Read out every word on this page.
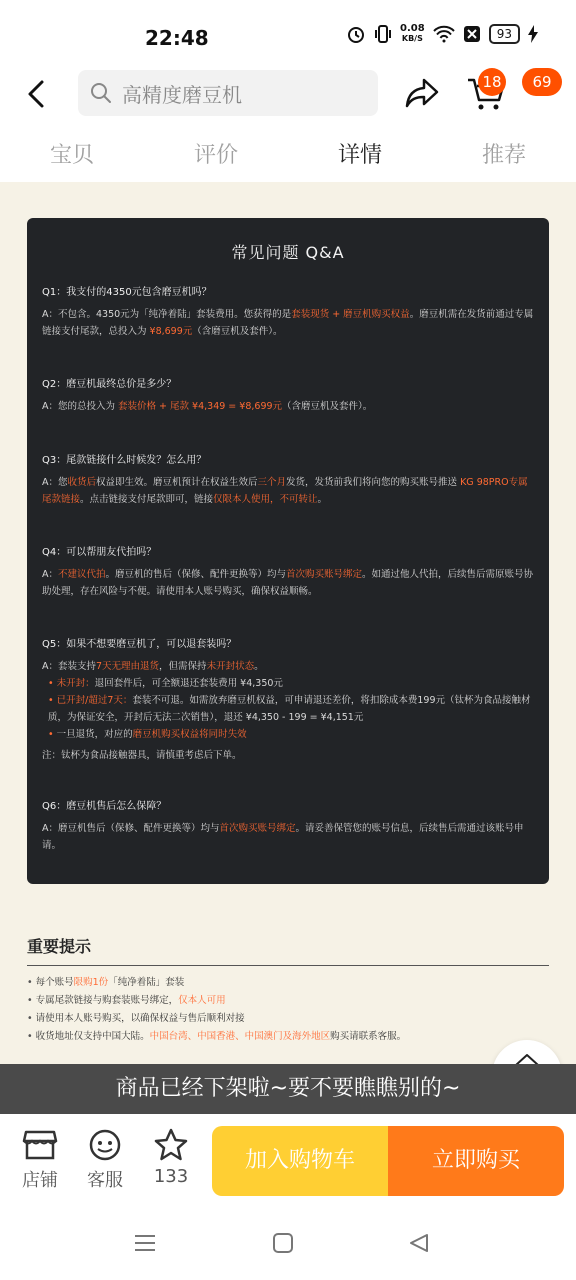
22:48	0.08
KB/S	93
高精度磨豆机
18	69
宝贝	评价	详情	推荐
常见问题 Q&A
Q1：我支付的4350元包含磨豆机吗？
A：不包含。4350元为「纯净着陆」套装费用。您获得的是套装现货 + 磨豆机购买权益。磨豆机需在发货前通过专属链接支付尾款，总投入为 ¥8,699元（含磨豆机及套件）。
Q2：磨豆机最终总价是多少？
A：您的总投入为 套装价格 + 尾款 ¥4,349 = ¥8,699元（含磨豆机及套件）。
Q3：尾款链接什么时候发？怎么用？
A：您收货后权益即生效。磨豆机预计在权益生效后三个月发货，发货前我们将向您的购买账号推送 KG 98PRO专属尾款链接。点击链接支付尾款即可，链接仅限本人使用，不可转让。
Q4：可以帮朋友代拍吗？
A：不建议代拍。磨豆机的售后（保修、配件更换等）均与首次购买账号绑定。如通过他人代拍，后续售后需原账号协助处理，存在风险与不便。请使用本人账号购买，确保权益顺畅。
Q5：如果不想要磨豆机了，可以退套装吗？
A：套装支持7天无理由退货，但需保持未开封状态。
• 未开封：退回套件后，可全额退还套装费用 ¥4,350元
• 已开封/超过7天：套装不可退。如需放弃磨豆机权益，可申请退还差价，将扣除成本费199元（钛杯为食品接触材质，为保证安全，开封后无法二次销售），退还 ¥4,350 - 199 = ¥4,151元
• 一旦退货，对应的磨豆机购买权益将同时失效
注：钛杯为食品接触器具，请慎重考虑后下单。
Q6：磨豆机售后怎么保障？
A：磨豆机售后（保修、配件更换等）均与首次购买账号绑定。请妥善保管您的账号信息，后续售后需通过该账号申请。
重要提示
• 每个账号限购1份「纯净着陆」套装
• 专属尾款链接与购套装账号绑定，仅本人可用
• 请使用本人账号购买，以确保权益与售后顺利对接
• 收货地址仅支持中国大陆。中国台湾、中国香港、中国澳门及海外地区购买请联系客服。
商品已经下架啦~要不要瞧瞧别的~
店铺	客服	133
加入购物车	立即购买
